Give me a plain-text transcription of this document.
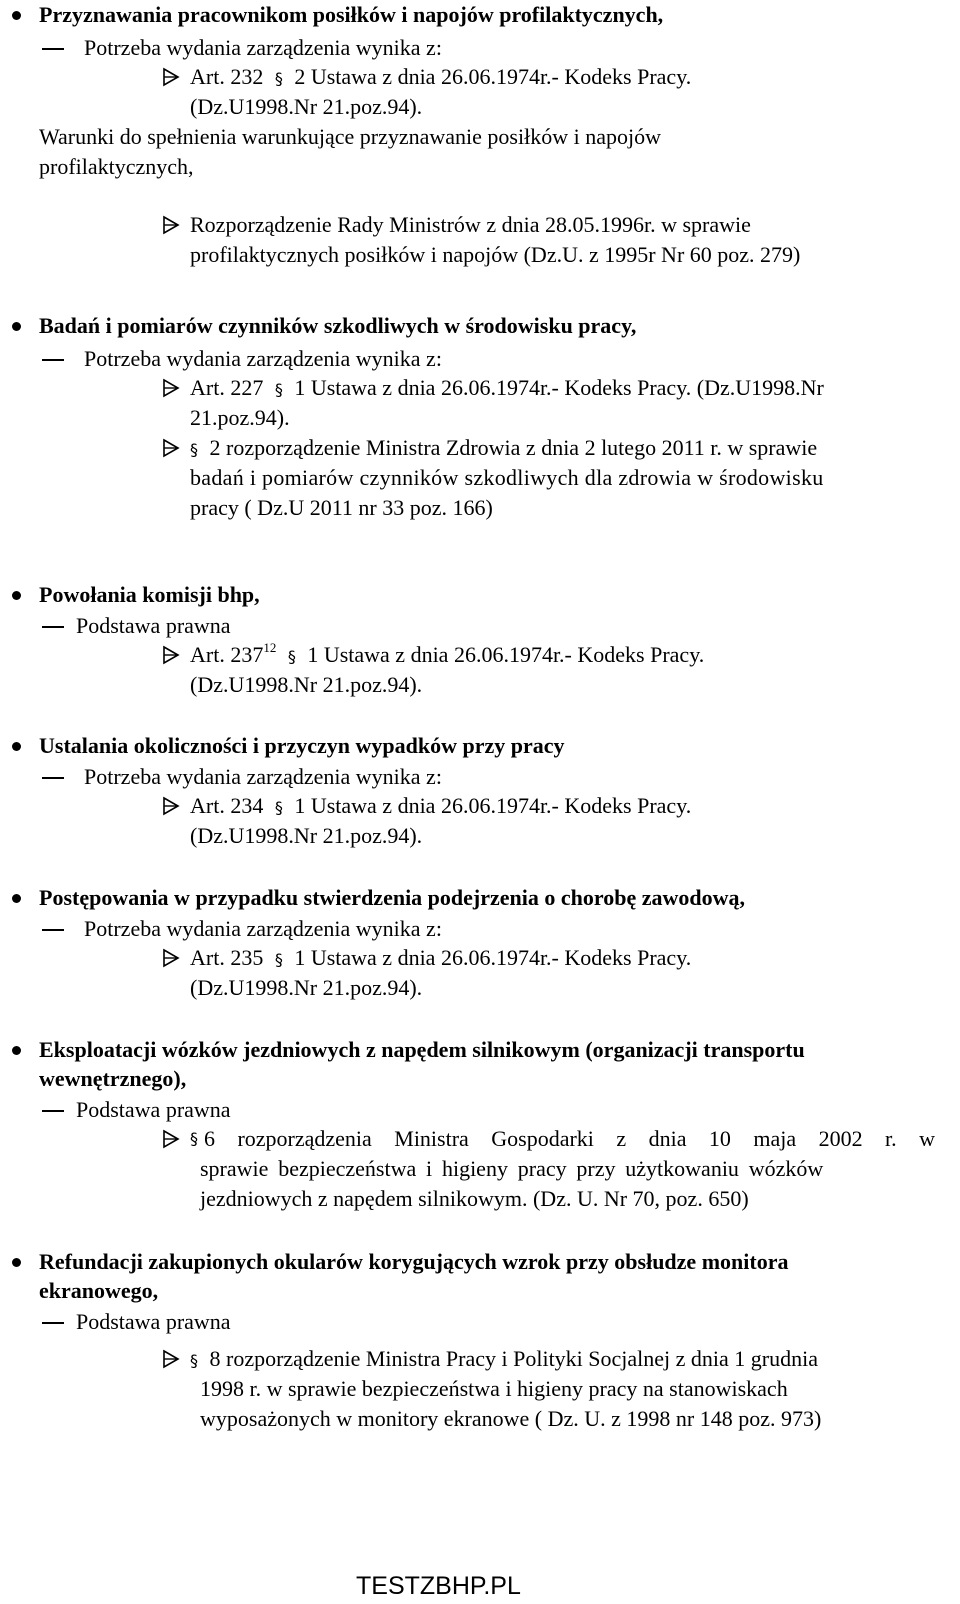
Przyznawania pracownikom posiłków i napojów profilaktycznych,
Potrzeba wydania zarządzenia wynika z:
Art. 232 § 2 Ustawa z dnia 26.06.1974r.- Kodeks Pracy.
(Dz.U1998.Nr 21.poz.94).
Warunki do spełnienia warunkujące przyznawanie posiłków i napojów
profilaktycznych,
Rozporządzenie Rady Ministrów z dnia 28.05.1996r. w sprawie
profilaktycznych posiłków i napojów (Dz.U. z 1995r Nr 60 poz. 279)
Badań i pomiarów czynników szkodliwych w środowisku pracy,
Potrzeba wydania zarządzenia wynika z:
Art. 227 § 1 Ustawa z dnia 26.06.1974r.- Kodeks Pracy. (Dz.U1998.Nr
21.poz.94).
§ 2 rozporządzenie Ministra Zdrowia z dnia 2 lutego 2011 r. w sprawie
badań i pomiarów czynników szkodliwych dla zdrowia w środowisku
pracy ( Dz.U 2011 nr 33 poz. 166)
Powołania komisji bhp,
Podstawa prawna
Art. $237^{12}$ § 1 Ustawa z dnia 26.06.1974r.- Kodeks Pracy.
(Dz.U1998.Nr 21.poz.94).
Ustalania okoliczności i przyczyn wypadków przy pracy
Potrzeba wydania zarządzenia wynika z:
Art. 234 § 1 Ustawa z dnia 26.06.1974r.- Kodeks Pracy.
(Dz.U1998.Nr 21.poz.94).
Postępowania w przypadku stwierdzenia podejrzenia o chorobę zawodową,
Potrzeba wydania zarządzenia wynika z:
Art. 235 § 1 Ustawa z dnia 26.06.1974r.- Kodeks Pracy.
(Dz.U1998.Nr 21.poz.94).
Eksploatacji wózków jezdniowych z napędem silnikowym (organizacji transportu
wewnętrznego),
Podstawa prawna
§ 6 rozporządzenia Ministra Gospodarki z dnia 10 maja 2002 r. w
sprawie bezpieczeństwa i higieny pracy przy użytkowaniu wózków
jezdniowych z napędem silnikowym. (Dz. U. Nr 70, poz. 650)
Refundacji zakupionych okularów korygujących wzrok przy obsłudze monitora
ekranowego,
Podstawa prawna
§ 8 rozporządzenie Ministra Pracy i Polityki Socjalnej z dnia 1 grudnia
1998 r. w sprawie bezpieczeństwa i higieny pracy na stanowiskach
wyposażonych w monitory ekranowe ( Dz. U. z 1998 nr 148 poz. 973)
TESTZBHP.PL
